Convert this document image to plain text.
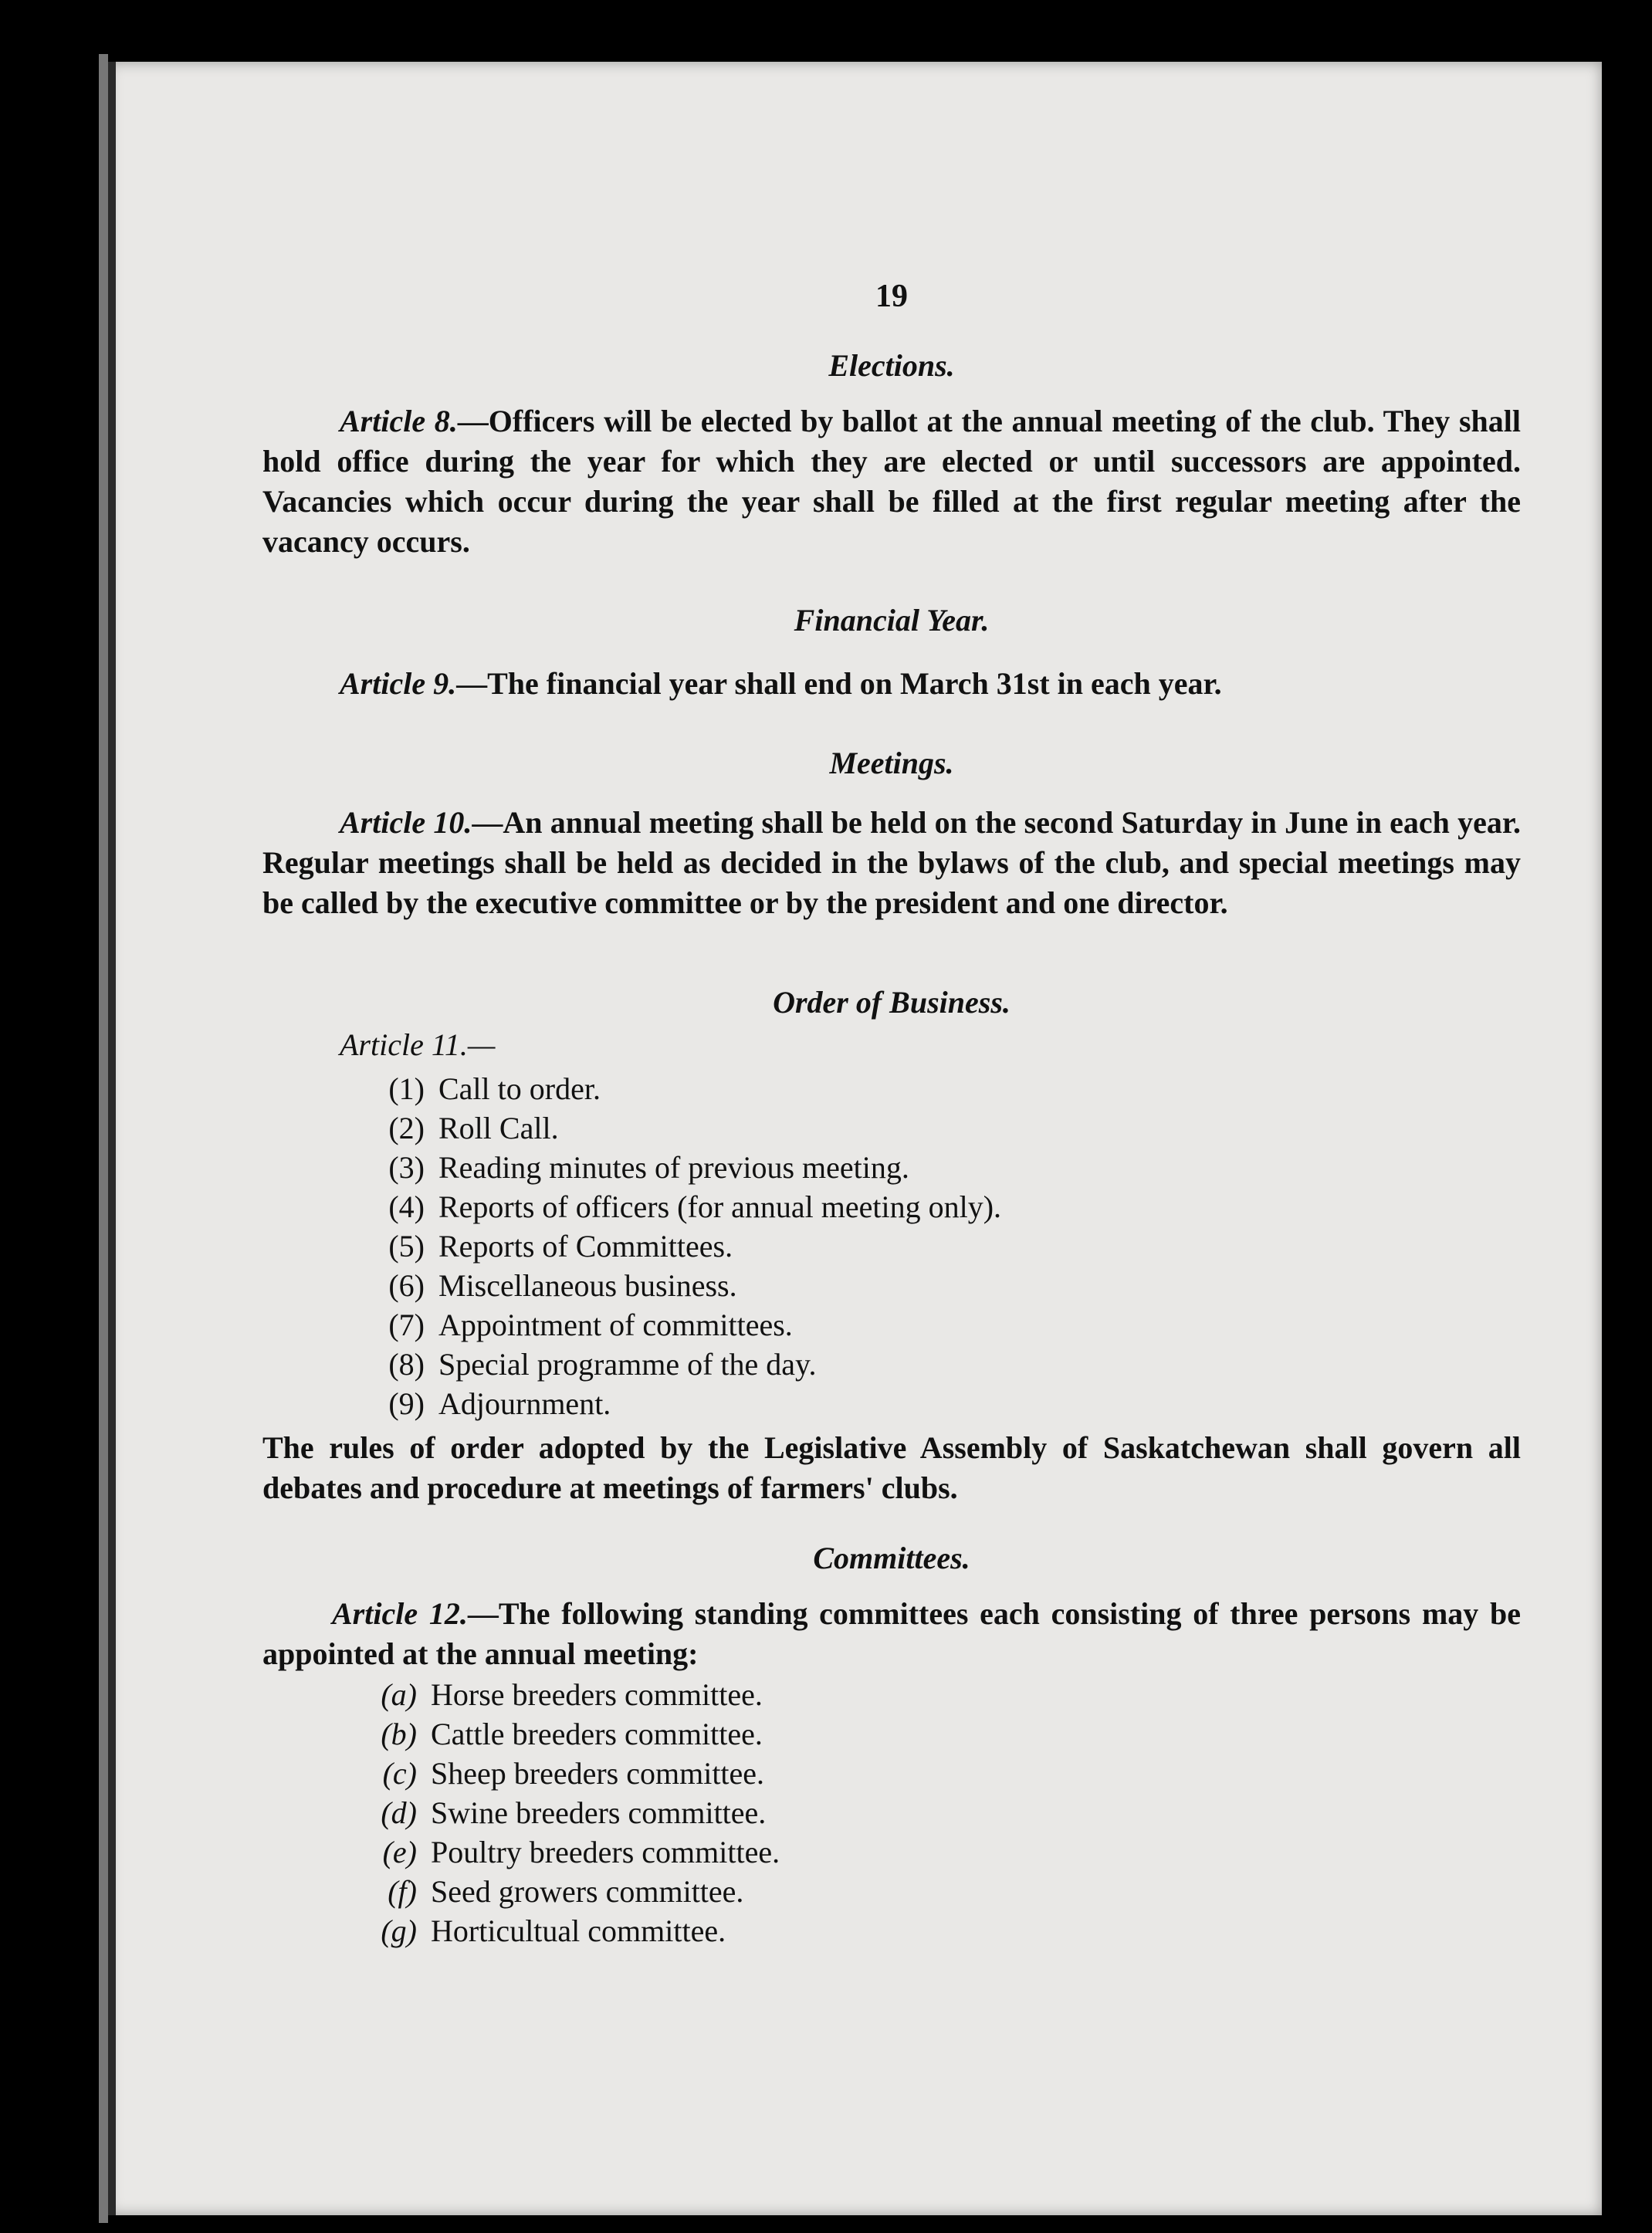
19
Elections.
Article 8.—Officers will be elected by ballot at the annual meeting of the club. They shall hold office during the year for which they are elected or until successors are appointed. Vacancies which occur during the year shall be filled at the first regular meeting after the vacancy occurs.
Financial Year.
Article 9.—The financial year shall end on March 31st in each year.
Meetings.
Article 10.—An annual meeting shall be held on the second Saturday in June in each year. Regular meetings shall be held as decided in the bylaws of the club, and special meetings may be called by the executive committee or by the president and one director.
Order of Business.
Article 11.—
(1) Call to order.
(2) Roll Call.
(3) Reading minutes of previous meeting.
(4) Reports of officers (for annual meeting only).
(5) Reports of Committees.
(6) Miscellaneous business.
(7) Appointment of committees.
(8) Special programme of the day.
(9) Adjournment.
The rules of order adopted by the Legislative Assembly of Saskatchewan shall govern all debates and procedure at meetings of farmers' clubs.
Committees.
Article 12.—The following standing committees each consisting of three persons may be appointed at the annual meeting:
(a) Horse breeders committee.
(b) Cattle breeders committee.
(c) Sheep breeders committee.
(d) Swine breeders committee.
(e) Poultry breeders committee.
(f) Seed growers committee.
(g) Horticultual committee.
